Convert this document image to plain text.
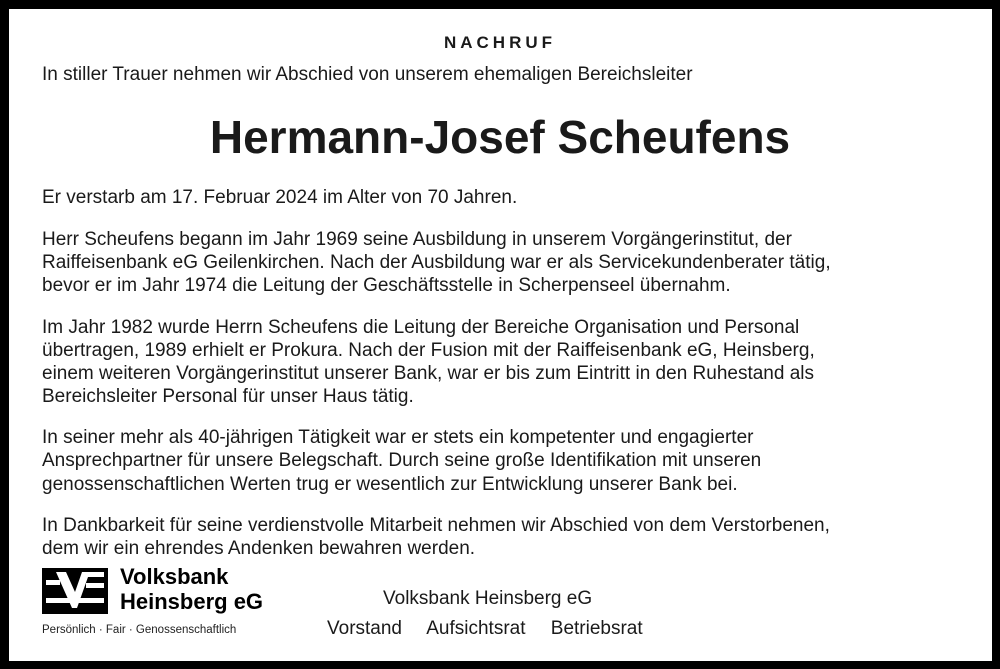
NACHRUF
In stiller Trauer nehmen wir Abschied von unserem ehemaligen Bereichsleiter
Hermann-Josef Scheufens
Er verstarb am 17. Februar 2024 im Alter von 70 Jahren.
Herr Scheufens begann im Jahr 1969 seine Ausbildung in unserem Vorgängerinstitut, der
Raiffeisenbank eG Geilenkirchen. Nach der Ausbildung war er als Servicekundenberater tätig,
bevor er im Jahr 1974 die Leitung der Geschäftsstelle in Scherpenseel übernahm.
Im Jahr 1982 wurde Herrn Scheufens die Leitung der Bereiche Organisation und Personal
übertragen, 1989 erhielt er Prokura. Nach der Fusion mit der Raiffeisenbank eG, Heinsberg,
einem weiteren Vorgängerinstitut unserer Bank, war er bis zum Eintritt in den Ruhestand als
Bereichsleiter Personal für unser Haus tätig.
In seiner mehr als 40-jährigen Tätigkeit war er stets ein kompetenter und engagierter
Ansprechpartner für unsere Belegschaft. Durch seine große Identifikation mit unseren
genossenschaftlichen Werten trug er wesentlich zur Entwicklung unserer Bank bei.
In Dankbarkeit für seine verdienstvolle Mitarbeit nehmen wir Abschied von dem Verstorbenen,
dem wir ein ehrendes Andenken bewahren werden.
Volksbank
Heinsberg eG
Persönlich · Fair · Genossenschaftlich
Volksbank Heinsberg eG
Vorstand Aufsichtsrat Betriebsrat
